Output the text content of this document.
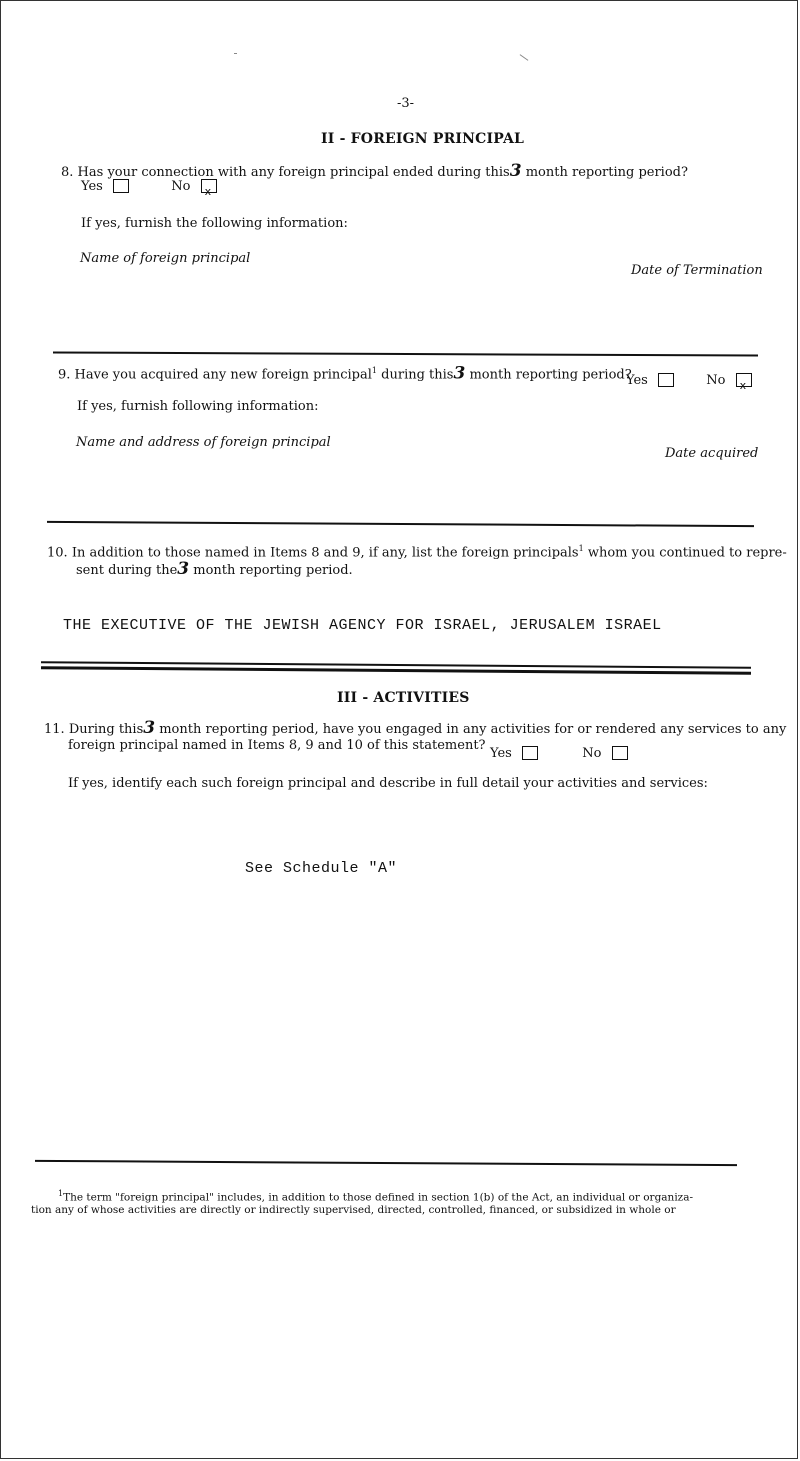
-3-
II - FOREIGN PRINCIPAL
8. Has your connection with any foreign principal ended during this3 month reporting period?
Yes	No x
If yes, furnish the following information:
Name of foreign principal
Date of Termination
9. Have you acquired any new foreign principal$^1$ during this3 month reporting period?
Yes	No x
If yes, furnish following information:
Name and address of foreign principal
Date acquired
10. In addition to those named in Items 8 and 9, if any, list the foreign principals$^1$ whom you continued to repre-
sent during the3 month reporting period.
THE EXECUTIVE OF THE JEWISH AGENCY FOR ISRAEL, JERUSALEM ISRAEL
III - ACTIVITIES
11. During this3 month reporting period, have you engaged in any activities for or rendered any services to any
foreign principal named in Items 8, 9 and 10 of this statement?
Yes	No
If yes, identify each such foreign principal and describe in full detail your activities and services:
See Schedule "A"
$^1$The term "foreign principal" includes, in addition to those defined in section 1(b) of the Act, an individual or organiza-
tion any of whose activities are directly or indirectly supervised, directed, controlled, financed, or subsidized in whole or
